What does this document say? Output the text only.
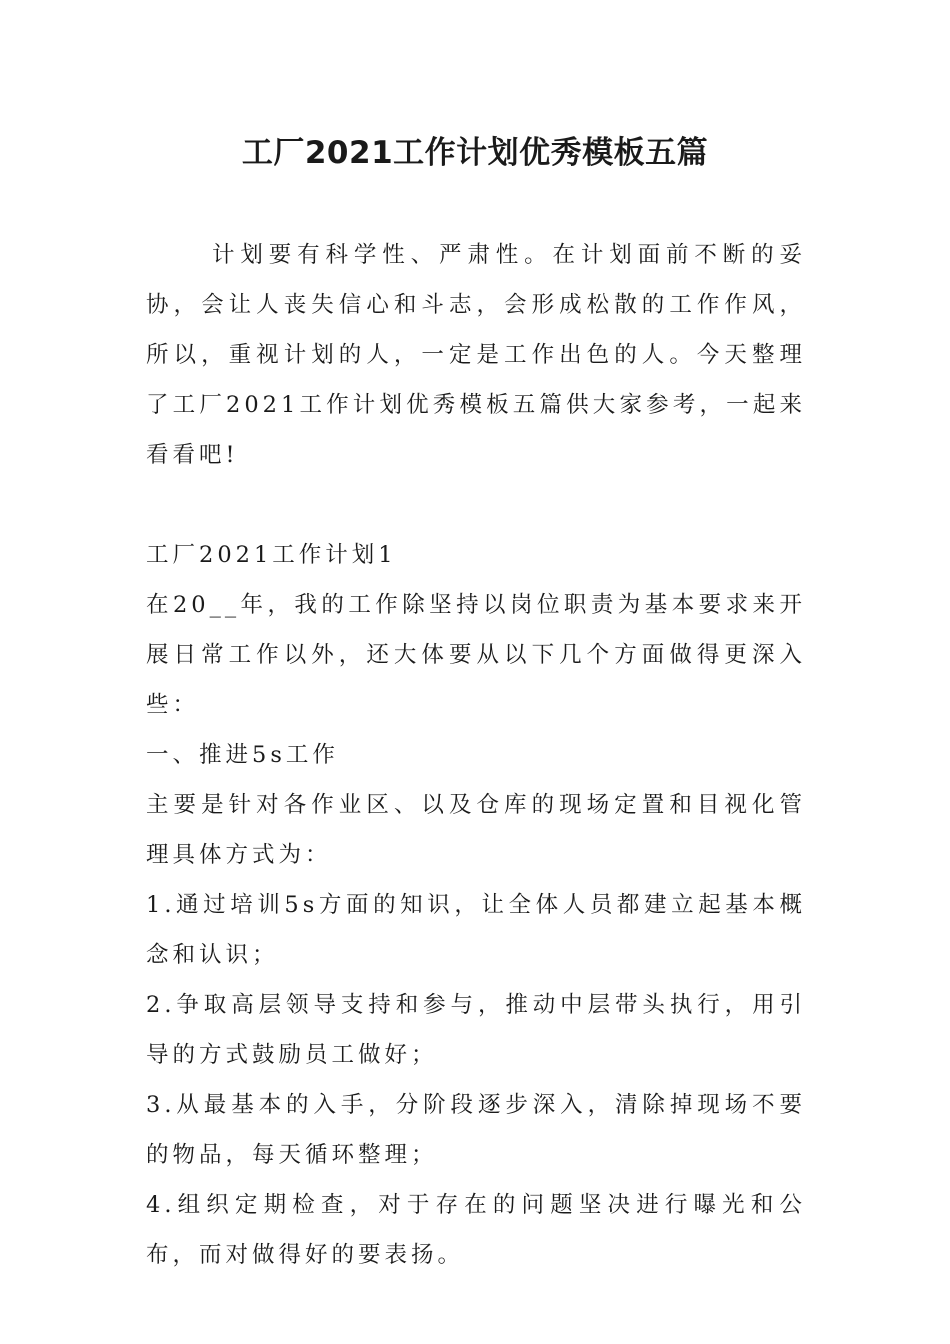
工厂2021工作计划优秀模板五篇

计划要有科学性、严肃性。在计划面前不断的妥协，会让人丧失信心和斗志，会形成松散的工作作风，所以，重视计划的人，一定是工作出色的人。今天整理了工厂2021工作计划优秀模板五篇供大家参考，一起来看看吧!

工厂2021工作计划1

在20__年，我的工作除坚持以岗位职责为基本要求来开展日常工作以外，还大体要从以下几个方面做得更深入些：

一、推进5s工作

主要是针对各作业区、以及仓库的现场定置和目视化管理具体方式为：

1.通过培训5s方面的知识，让全体人员都建立起基本概念和认识；

2.争取高层领导支持和参与，推动中层带头执行，用引导的方式鼓励员工做好；

3.从最基本的入手，分阶段逐步深入，清除掉现场不要的物品，每天循环整理；

4.组织定期检查，对于存在的问题坚决进行曝光和公布，而对做得好的要表扬。
